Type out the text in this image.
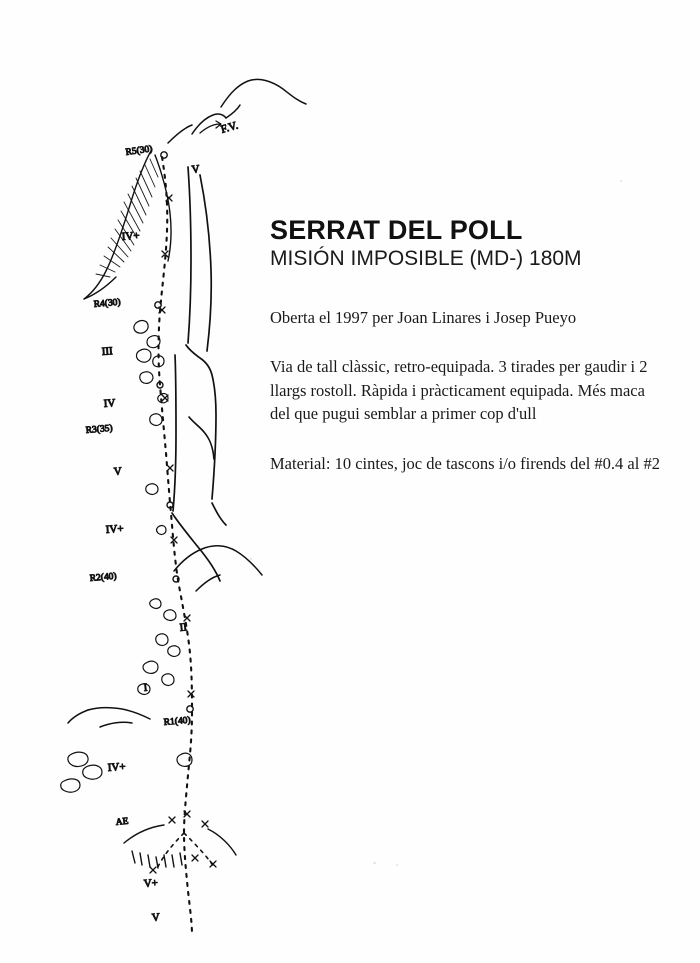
F.V.
R5(30)
V
IV+
R4(30)
III
IV
R3(35)
V
IV+
R2(40)
II
I
R1(40)
IV+
AE
V+
V
SERRAT DEL POLL
MISIÓN IMPOSIBLE (MD-) 180M

Oberta el 1997 per Joan Linares i Josep Pueyo

Via de tall clàssic, retro-equipada. 3 tirades per gaudir i 2 llargs rostoll. Ràpida i pràcticament equipada. Més maca del que pugui semblar a primer cop d'ull

Material: 10 cintes, joc de tascons i/o firends del #0.4 al #2
